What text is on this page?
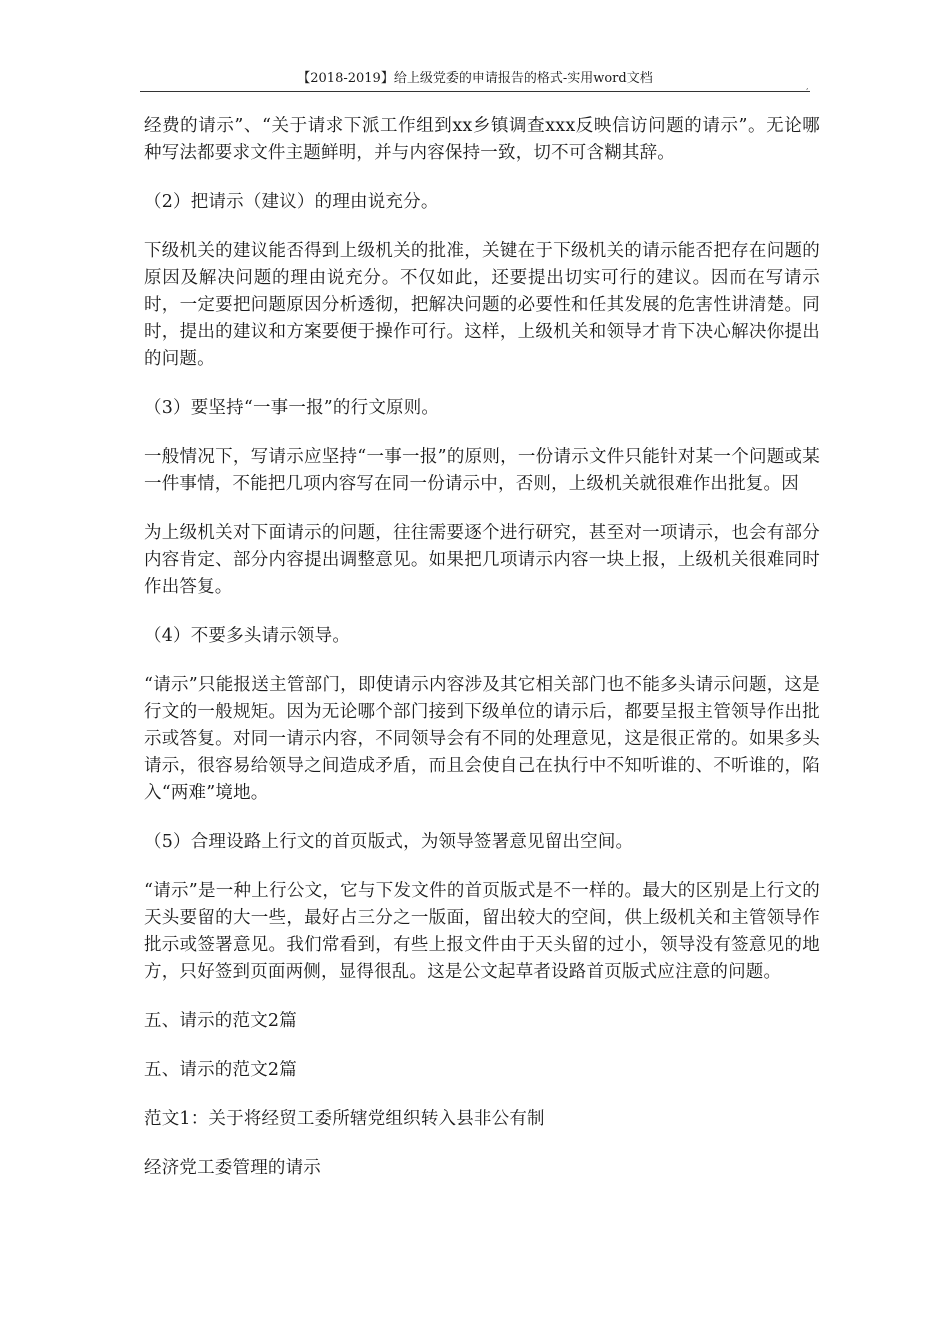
【2018-2019】给上级党委的申请报告的格式-实用word文档
,

经费的请示”、“关于请求下派工作组到xx乡镇调查xxx反映信访问题的请示”。无论哪种写法都要求文件主题鲜明，并与内容保持一致，切不可含糊其辞。

（2）把请示（建议）的理由说充分。

下级机关的建议能否得到上级机关的批准，关键在于下级机关的请示能否把存在问题的原因及解决问题的理由说充分。不仅如此，还要提出切实可行的建议。因而在写请示时，一定要把问题原因分析透彻，把解决问题的必要性和任其发展的危害性讲清楚。同时，提出的建议和方案要便于操作可行。这样，上级机关和领导才肯下决心解决你提出的问题。

（3）要坚持“一事一报”的行文原则。

一般情况下，写请示应坚持“一事一报”的原则，一份请示文件只能针对某一个问题或某一件事情，不能把几项内容写在同一份请示中，否则，上级机关就很难作出批复。因

为上级机关对下面请示的问题，往往需要逐个进行研究，甚至对一项请示，也会有部分内容肯定、部分内容提出调整意见。如果把几项请示内容一块上报，上级机关很难同时作出答复。

（4）不要多头请示领导。

“请示”只能报送主管部门，即使请示内容涉及其它相关部门也不能多头请示问题，这是行文的一般规矩。因为无论哪个部门接到下级单位的请示后，都要呈报主管领导作出批示或答复。对同一请示内容，不同领导会有不同的处理意见，这是很正常的。如果多头请示，很容易给领导之间造成矛盾，而且会使自己在执行中不知听谁的、不听谁的，陷入“两难”境地。

（5）合理设路上行文的首页版式，为领导签署意见留出空间。

“请示”是一种上行公文，它与下发文件的首页版式是不一样的。最大的区别是上行文的天头要留的大一些，最好占三分之一版面，留出较大的空间，供上级机关和主管领导作批示或签署意见。我们常看到，有些上报文件由于天头留的过小，领导没有签意见的地方，只好签到页面两侧，显得很乱。这是公文起草者设路首页版式应注意的问题。

五、请示的范文2篇

五、请示的范文2篇

范文1：关于将经贸工委所辖党组织转入县非公有制

经济党工委管理的请示
